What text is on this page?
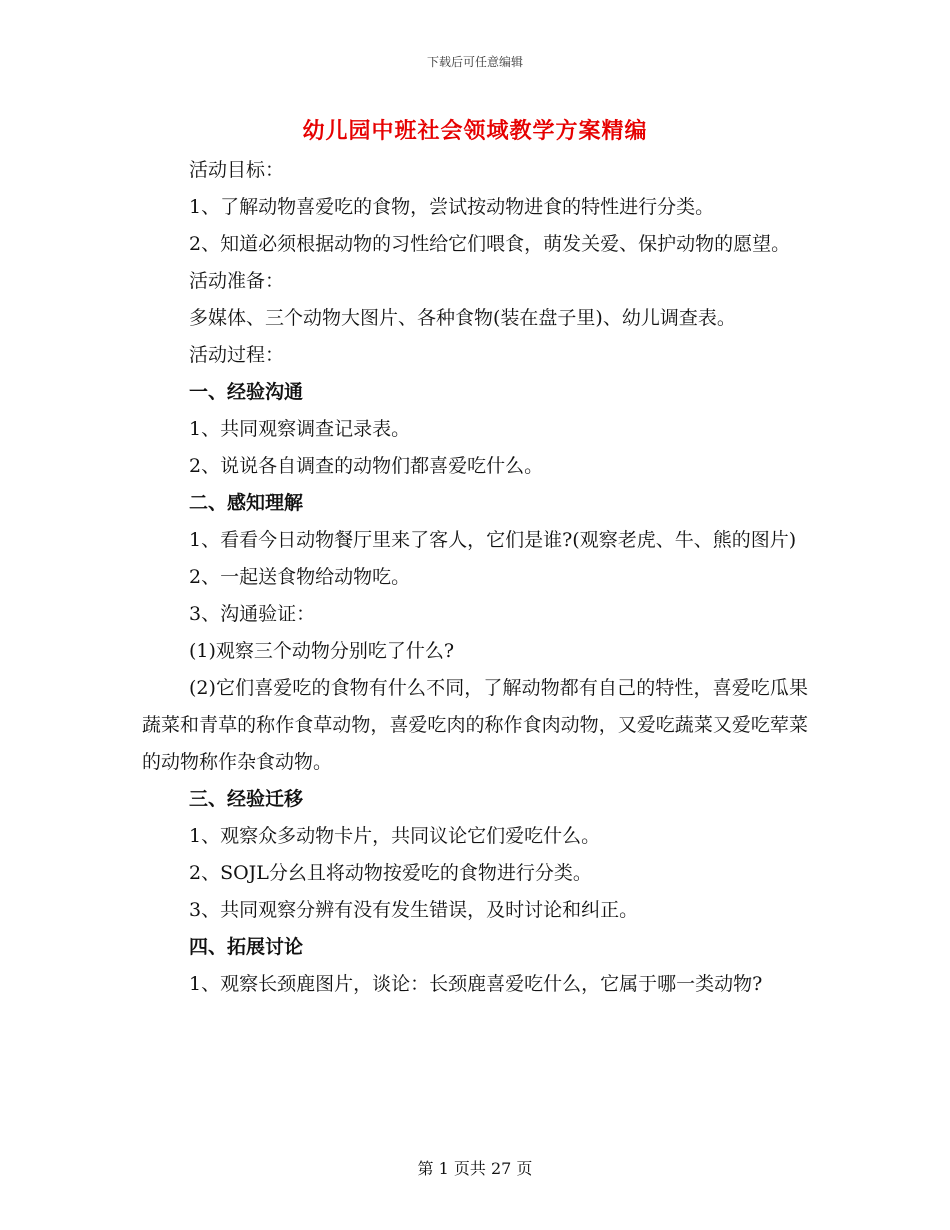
下载后可任意编辑
幼儿园中班社会领域教学方案精编

活动目标：

1、了解动物喜爱吃的食物，尝试按动物进食的特性进行分类。

2、知道必须根据动物的习性给它们喂食，萌发关爱、保护动物的愿望。

活动准备：

多媒体、三个动物大图片、各种食物(装在盘子里)、幼儿调查表。

活动过程：

一、经验沟通

1、共同观察调查记录表。

2、说说各自调查的动物们都喜爱吃什么。

二、感知理解

1、看看今日动物餐厅里来了客人，它们是谁?(观察老虎、牛、熊的图片)

2、一起送食物给动物吃。

3、沟通验证：

(1)观察三个动物分别吃了什么?

(2)它们喜爱吃的食物有什么不同，了解动物都有自己的特性，喜爱吃瓜果蔬菜和青草的称作食草动物，喜爱吃肉的称作食肉动物，又爱吃蔬菜又爱吃荤菜的动物称作杂食动物。

三、经验迁移

1、观察众多动物卡片，共同议论它们爱吃什么。

2、SOJL分幺且将动物按爱吃的食物进行分类。

3、共同观察分辨有没有发生错误，及时讨论和纠正。

四、拓展讨论

1、观察长颈鹿图片，谈论：长颈鹿喜爱吃什么，它属于哪一类动物?

第 1 页共 27 页
